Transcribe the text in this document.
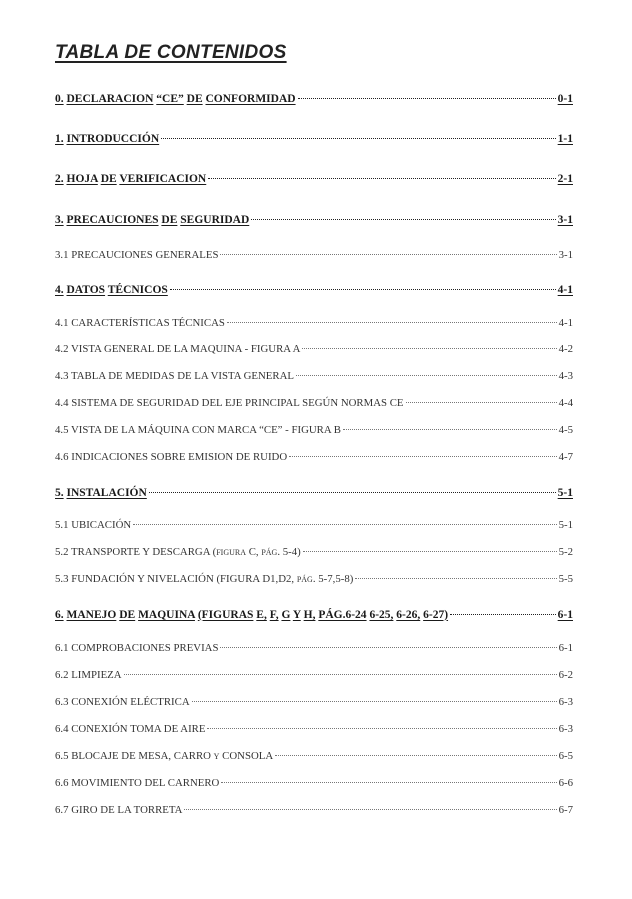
TABLA DE CONTENIDOS
0. DECLARACION “CE” DE CONFORMIDAD	0-1
1. INTRODUCCIÓN	1-1
2. HOJA DE VERIFICACION	2-1
3. PRECAUCIONES DE SEGURIDAD	3-1
3.1 PRECAUCIONES GENERALES	3-1
4. DATOS TÉCNICOS	4-1
4.1 CARACTERÍSTICAS TÉCNICAS	4-1
4.2 VISTA GENERAL DE LA MAQUINA - FIGURA A	4-2
4.3 TABLA DE MEDIDAS DE LA VISTA GENERAL	4-3
4.4 SISTEMA DE SEGURIDAD DEL EJE PRINCIPAL SEGÚN NORMAS CE	4-4
4.5 VISTA DE LA MÁQUINA CON MARCA “CE” - FIGURA B	4-5
4.6 INDICACIONES SOBRE EMISION DE RUIDO	4-7
5. INSTALACIÓN	5-1
5.1 UBICACIÓN	5-1
5.2 TRANSPORTE Y DESCARGA (FIGURA C, PÁG. 5-4)	5-2
5.3 FUNDACIÓN Y NIVELACIÓN (FIGURA D1,D2, PÁG. 5-7,5-8)	5-5
6. MANEJO DE MAQUINA (FIGURAS E, F, G Y H, PÁG.6-24 6-25, 6-26, 6-27)	6-1
6.1 COMPROBACIONES PREVIAS	6-1
6.2 LIMPIEZA	6-2
6.3 CONEXIÓN ELÉCTRICA	6-3
6.4 CONEXIÓN TOMA DE AIRE	6-3
6.5 BLOCAJE DE MESA, CARRO Y CONSOLA	6-5
6.6 MOVIMIENTO DEL CARNERO	6-6
6.7 GIRO DE LA TORRETA	6-7
